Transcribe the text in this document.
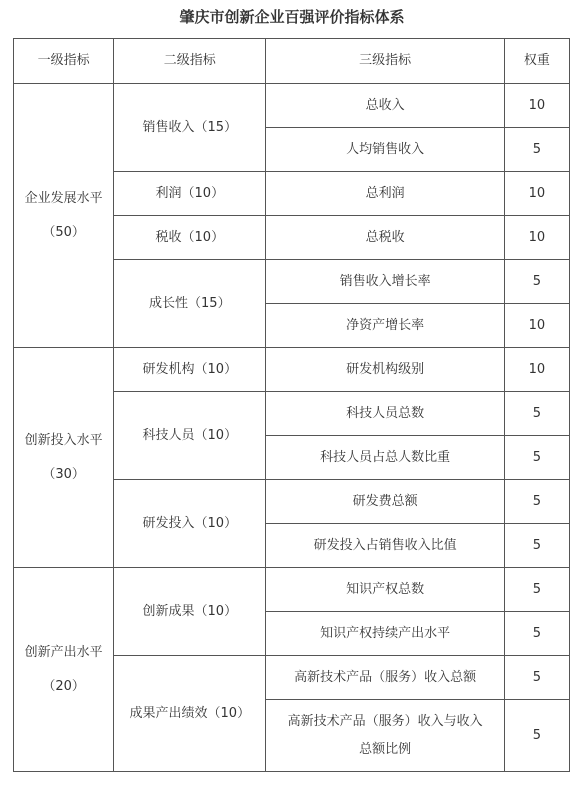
肇庆市创新企业百强评价指标体系
一级指标	二级指标	三级指标	权重

企业发展水平
（50）	销售收入（15）	总收入	10
		人均销售收入	5
	利润（10）	总利润	10
	税收（10）	总税收	10
	成长性（15）	销售收入增长率	5
		净资产增长率	10

创新投入水平
（30）	研发机构（10）	研发机构级别	10
	科技人员（10）	科技人员总数	5
		科技人员占总人数比重	5
	研发投入（10）	研发费总额	5
		研发投入占销售收入比值	5

创新产出水平
（20）	创新成果（10）	知识产权总数	5
		知识产权持续产出水平	5
	成果产出绩效（10）	高新技术产品（服务）收入总额	5

		高新技术产品（服务）收入与收入
总额比例	5
